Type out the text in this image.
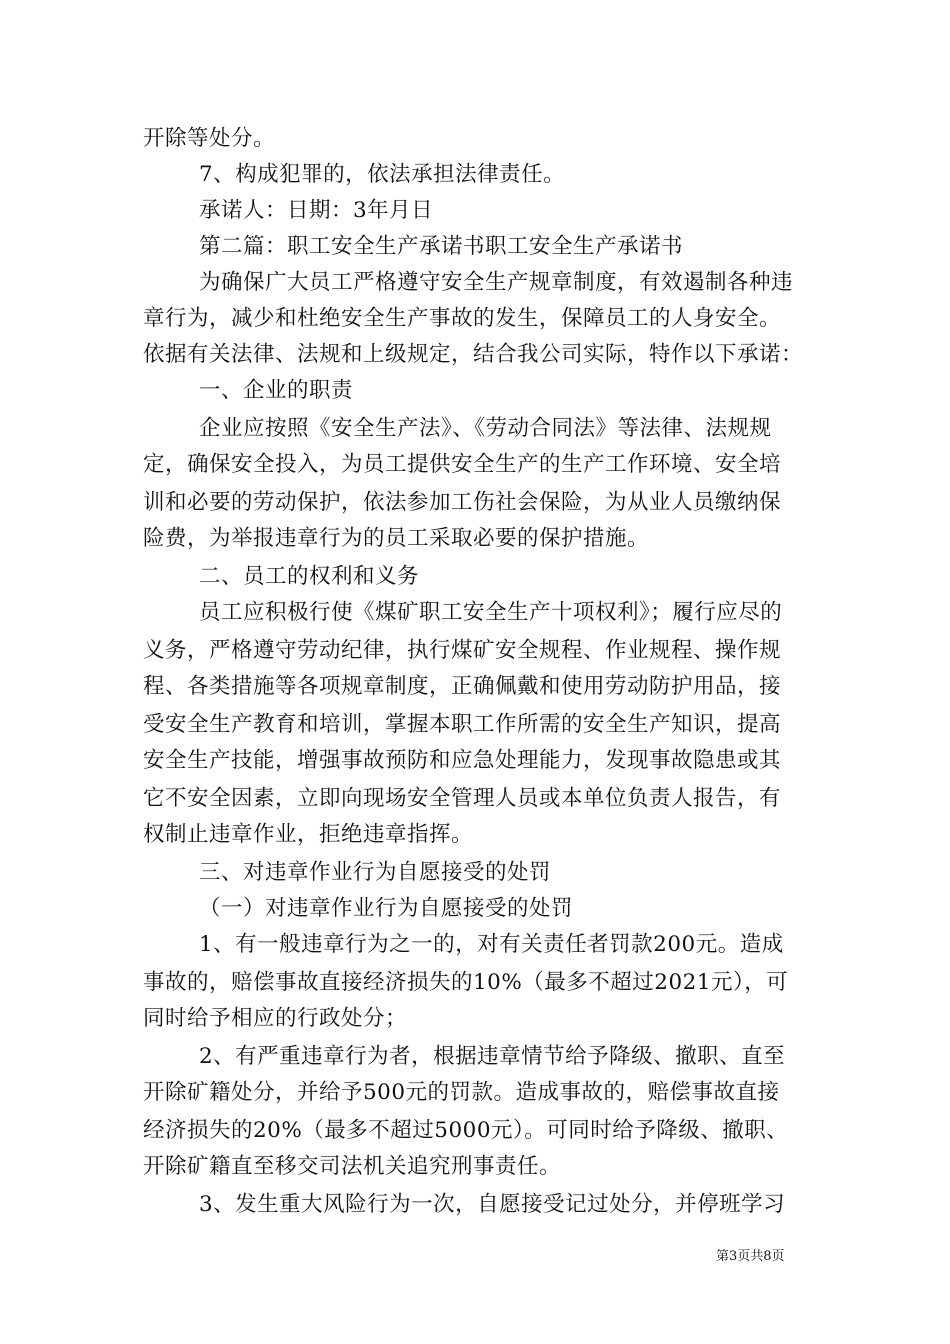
开除等处分。
7、构成犯罪的，依法承担法律责任。
承诺人：日期：3年月日
第二篇：职工安全生产承诺书职工安全生产承诺书
为确保广大员工严格遵守安全生产规章制度，有效遏制各种违
章行为，减少和杜绝安全生产事故的发生，保障员工的人身安全。
依据有关法律、法规和上级规定，结合我公司实际，特作以下承诺：
一、企业的职责
企业应按照《安全生产法》、《劳动合同法》等法律、法规规
定，确保安全投入，为员工提供安全生产的生产工作环境、安全培
训和必要的劳动保护，依法参加工伤社会保险，为从业人员缴纳保
险费，为举报违章行为的员工采取必要的保护措施。
二、员工的权利和义务
员工应积极行使《煤矿职工安全生产十项权利》；履行应尽的
义务，严格遵守劳动纪律，执行煤矿安全规程、作业规程、操作规
程、各类措施等各项规章制度，正确佩戴和使用劳动防护用品，接
受安全生产教育和培训，掌握本职工作所需的安全生产知识，提高
安全生产技能，增强事故预防和应急处理能力，发现事故隐患或其
它不安全因素，立即向现场安全管理人员或本单位负责人报告，有
权制止违章作业，拒绝违章指挥。
三、对违章作业行为自愿接受的处罚
（一）对违章作业行为自愿接受的处罚
1、有一般违章行为之一的，对有关责任者罚款200元。造成
事故的，赔偿事故直接经济损失的10%（最多不超过2021元），可
同时给予相应的行政处分；
2、有严重违章行为者，根据违章情节给予降级、撤职、直至
开除矿籍处分，并给予500元的罚款。造成事故的，赔偿事故直接
经济损失的20%（最多不超过5000元）。可同时给予降级、撤职、
开除矿籍直至移交司法机关追究刑事责任。
3、发生重大风险行为一次，自愿接受记过处分，并停班学习
第3页共8页
